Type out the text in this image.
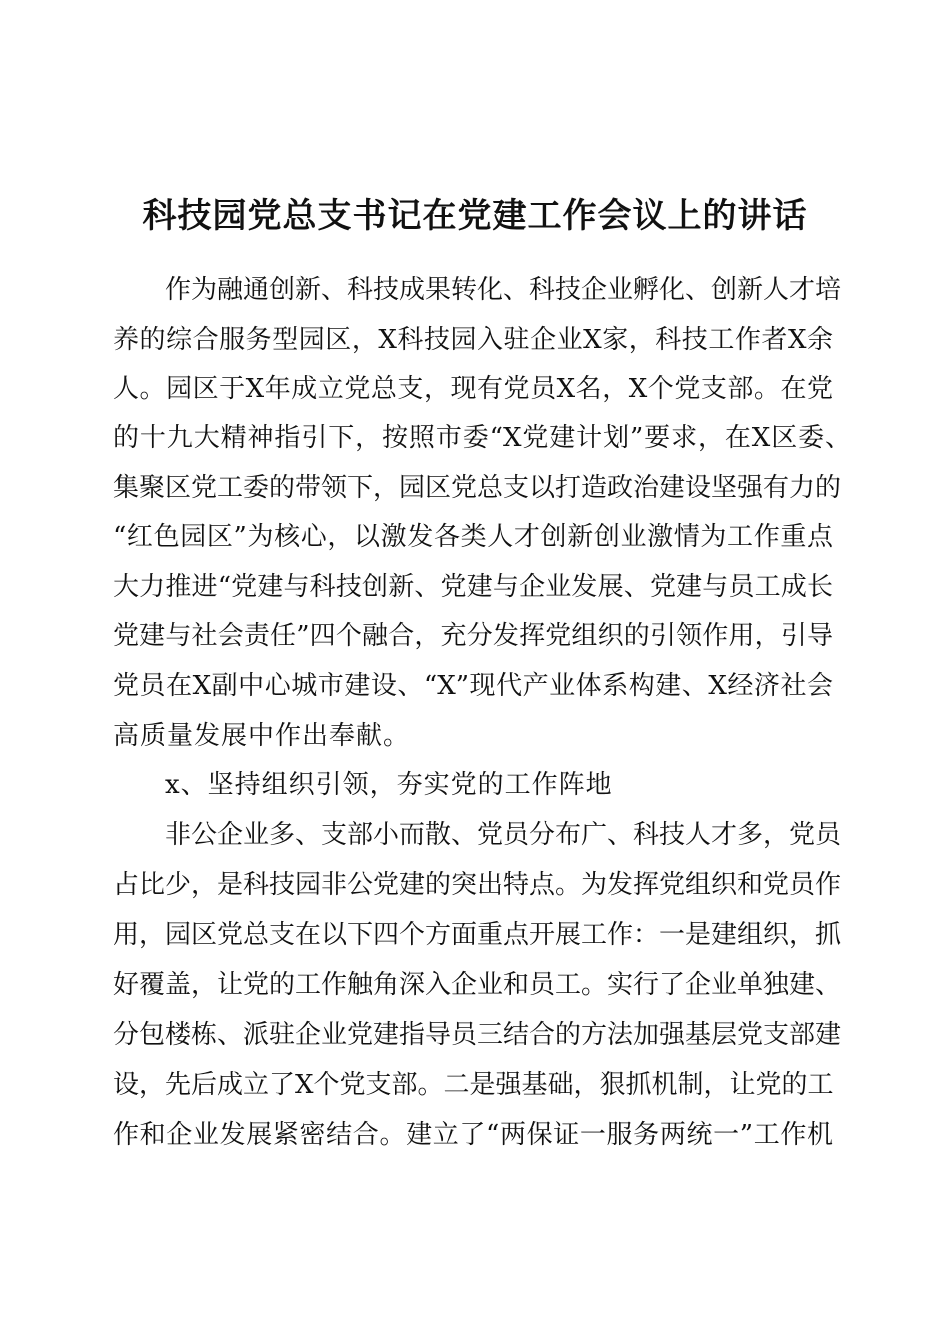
科技园党总支书记在党建工作会议上的讲话
作为融通创新、科技成果转化、科技企业孵化、创新人才培
养的综合服务型园区，X科技园入驻企业X家，科技工作者X余
人。园区于X年成立党总支，现有党员X名，X个党支部。在党
的十九大精神指引下，按照市委“X党建计划”要求，在X区委、
集聚区党工委的带领下，园区党总支以打造政治建设坚强有力的
“红色园区”为核心，以激发各类人才创新创业激情为工作重点
大力推进“党建与科技创新、党建与企业发展、党建与员工成长
党建与社会责任”四个融合，充分发挥党组织的引领作用，引导
党员在X副中心城市建设、“X”现代产业体系构建、X经济社会
高质量发展中作出奉献。
x、坚持组织引领，夯实党的工作阵地
非公企业多、支部小而散、党员分布广、科技人才多，党员
占比少，是科技园非公党建的突出特点。为发挥党组织和党员作
用，园区党总支在以下四个方面重点开展工作：一是建组织，抓
好覆盖，让党的工作触角深入企业和员工。实行了企业单独建、
分包楼栋、派驻企业党建指导员三结合的方法加强基层党支部建
设，先后成立了X个党支部。二是强基础，狠抓机制，让党的工
作和企业发展紧密结合。建立了“两保证一服务两统一”工作机
